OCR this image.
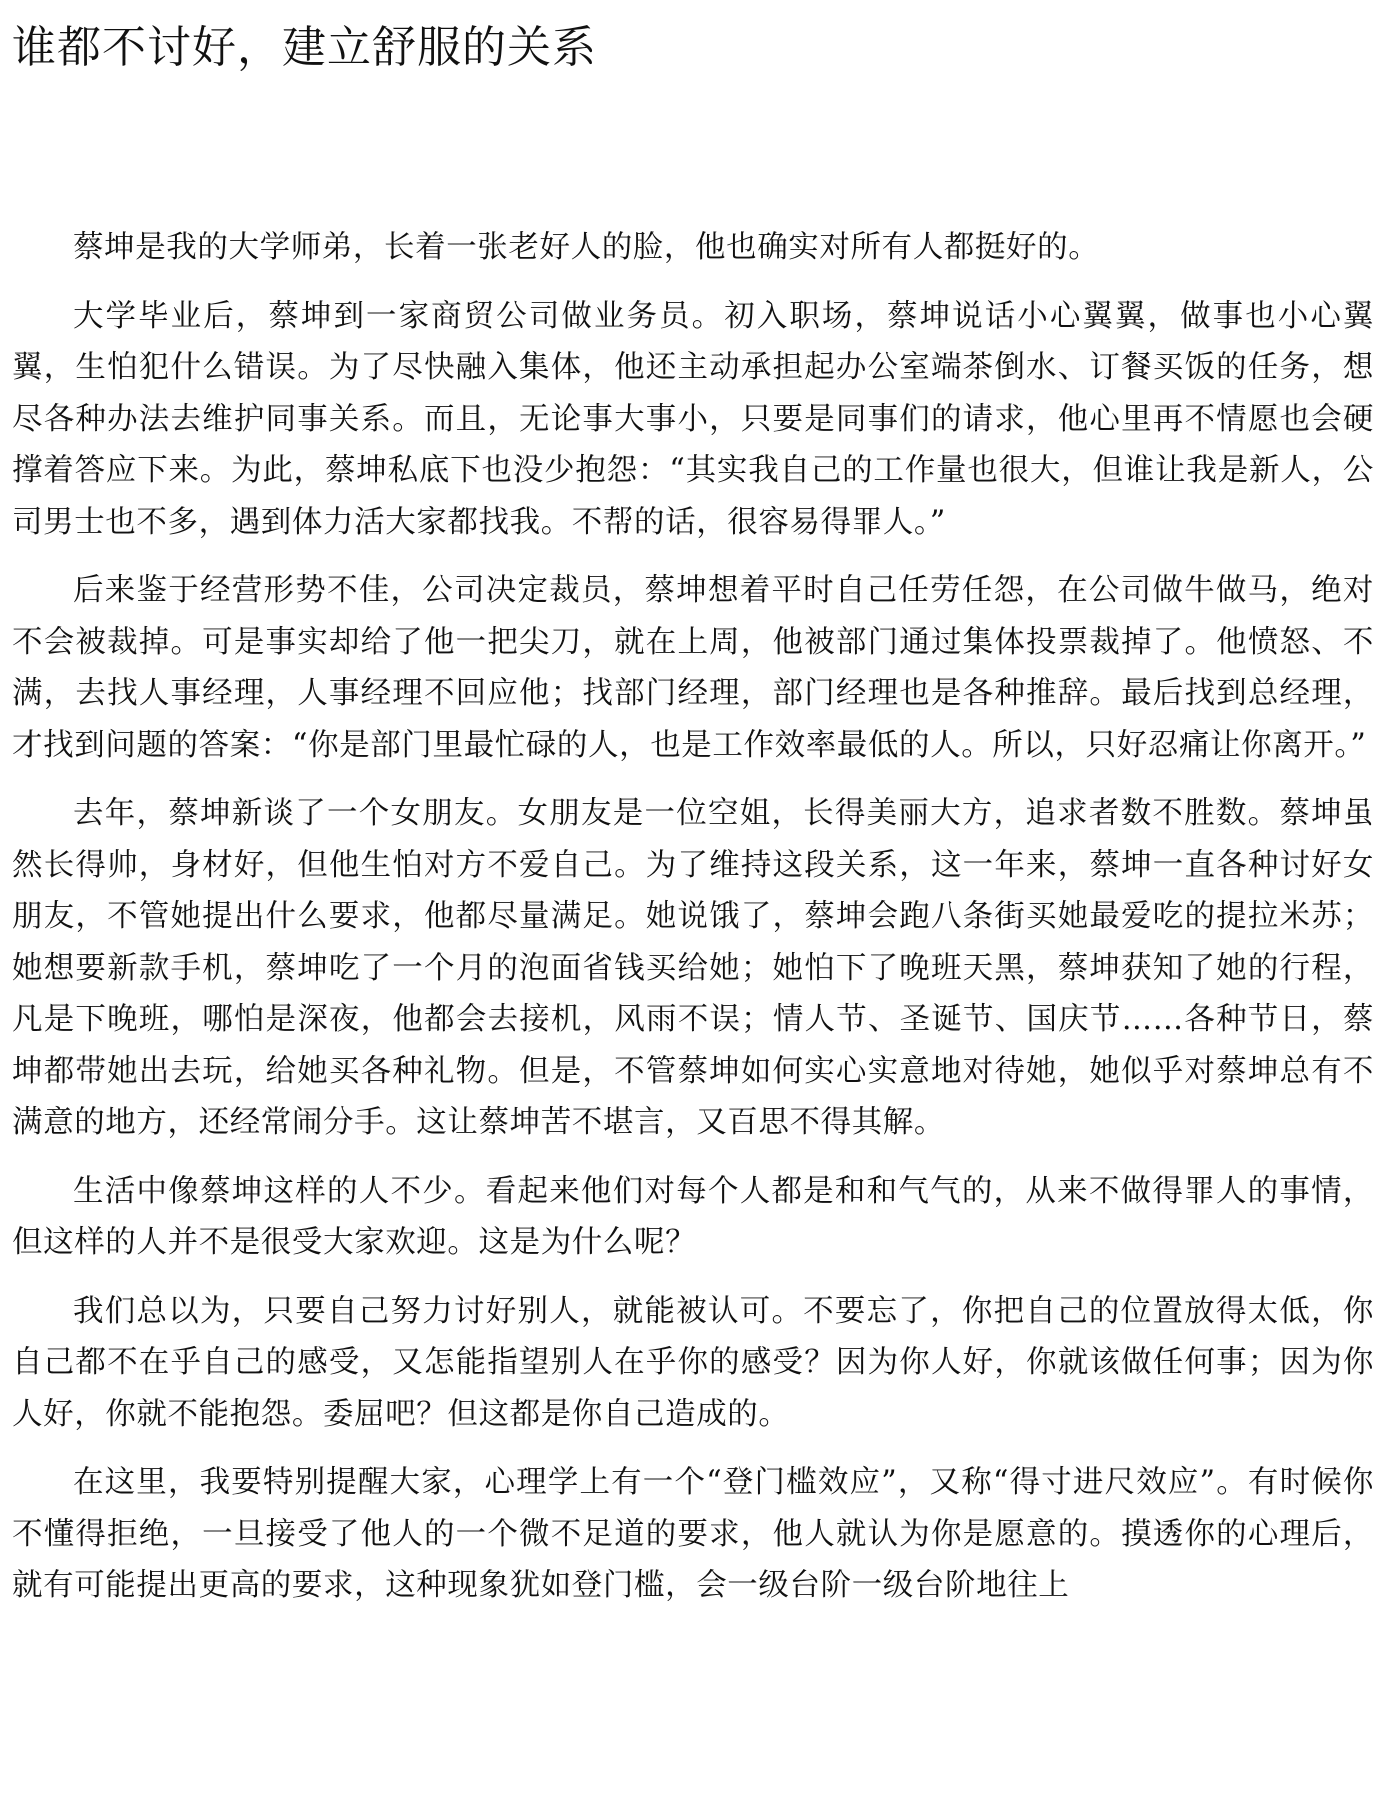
谁都不讨好，建立舒服的关系

蔡坤是我的大学师弟，长着一张老好人的脸，他也确实对所有人都挺好的。

大学毕业后，蔡坤到一家商贸公司做业务员。初入职场，蔡坤说话小心翼翼，做事也小心翼翼，生怕犯什么错误。为了尽快融入集体，他还主动承担起办公室端茶倒水、订餐买饭的任务，想尽各种办法去维护同事关系。而且，无论事大事小，只要是同事们的请求，他心里再不情愿也会硬撑着答应下来。为此，蔡坤私底下也没少抱怨：“其实我自己的工作量也很大，但谁让我是新人，公司男士也不多，遇到体力活大家都找我。不帮的话，很容易得罪人。”

后来鉴于经营形势不佳，公司决定裁员，蔡坤想着平时自己任劳任怨，在公司做牛做马，绝对不会被裁掉。可是事实却给了他一把尖刀，就在上周，他被部门通过集体投票裁掉了。他愤怒、不满，去找人事经理，人事经理不回应他；找部门经理，部门经理也是各种推辞。最后找到总经理，才找到问题的答案：“你是部门里最忙碌的人，也是工作效率最低的人。所以，只好忍痛让你离开。”

去年，蔡坤新谈了一个女朋友。女朋友是一位空姐，长得美丽大方，追求者数不胜数。蔡坤虽然长得帅，身材好，但他生怕对方不爱自己。为了维持这段关系，这一年来，蔡坤一直各种讨好女朋友，不管她提出什么要求，他都尽量满足。她说饿了，蔡坤会跑八条街买她最爱吃的提拉米苏；她想要新款手机，蔡坤吃了一个月的泡面省钱买给她；她怕下了晚班天黑，蔡坤获知了她的行程，凡是下晚班，哪怕是深夜，他都会去接机，风雨不误；情人节、圣诞节、国庆节……各种节日，蔡坤都带她出去玩，给她买各种礼物。但是，不管蔡坤如何实心实意地对待她，她似乎对蔡坤总有不满意的地方，还经常闹分手。这让蔡坤苦不堪言，又百思不得其解。

生活中像蔡坤这样的人不少。看起来他们对每个人都是和和气气的，从来不做得罪人的事情，但这样的人并不是很受大家欢迎。这是为什么呢？

我们总以为，只要自己努力讨好别人，就能被认可。不要忘了，你把自己的位置放得太低，你自己都不在乎自己的感受，又怎能指望别人在乎你的感受？因为你人好，你就该做任何事；因为你人好，你就不能抱怨。委屈吧？但这都是你自己造成的。

在这里，我要特别提醒大家，心理学上有一个“登门槛效应”，又称“得寸进尺效应”。有时候你不懂得拒绝，一旦接受了他人的一个微不足道的要求，他人就认为你是愿意的。摸透你的心理后，就有可能提出更高的要求，这种现象犹如登门槛，会一级台阶一级台阶地往上
